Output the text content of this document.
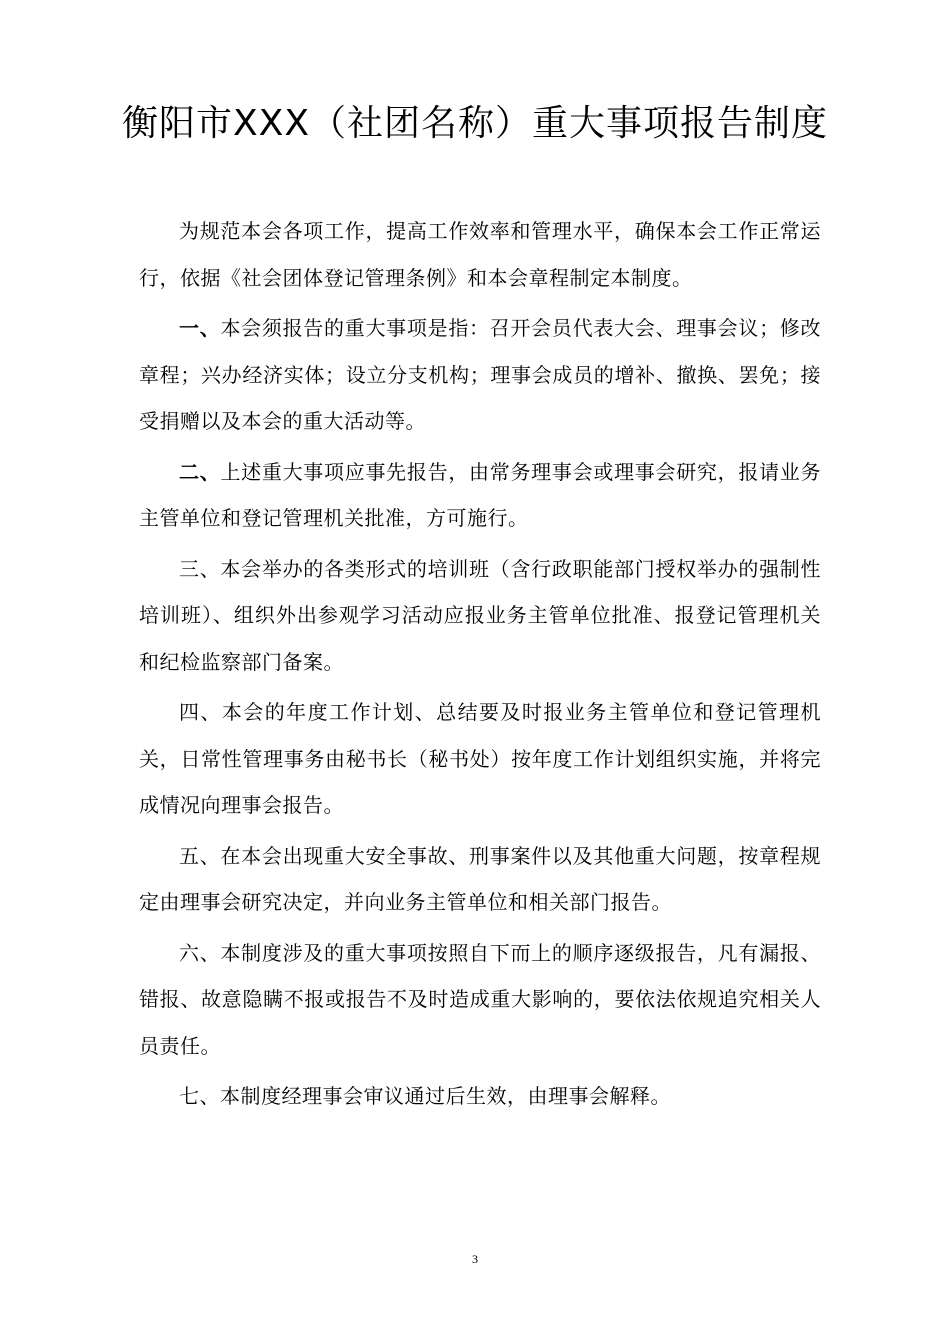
衡阳市XXX（社团名称）重大事项报告制度

为规范本会各项工作，提高工作效率和管理水平，确保本会工作正常运行，依据《社会团体登记管理条例》和本会章程制定本制度。

一、本会须报告的重大事项是指：召开会员代表大会、理事会议；修改章程；兴办经济实体；设立分支机构；理事会成员的增补、撤换、罢免；接受捐赠以及本会的重大活动等。

二、上述重大事项应事先报告，由常务理事会或理事会研究，报请业务主管单位和登记管理机关批准，方可施行。

三、本会举办的各类形式的培训班（含行政职能部门授权举办的强制性培训班）、组织外出参观学习活动应报业务主管单位批准、报登记管理机关和纪检监察部门备案。

四、本会的年度工作计划、总结要及时报业务主管单位和登记管理机关，日常性管理事务由秘书长（秘书处）按年度工作计划组织实施，并将完成情况向理事会报告。

五、在本会出现重大安全事故、刑事案件以及其他重大问题，按章程规定由理事会研究决定，并向业务主管单位和相关部门报告。

六、本制度涉及的重大事项按照自下而上的顺序逐级报告，凡有漏报、错报、故意隐瞒不报或报告不及时造成重大影响的，要依法依规追究相关人员责任。

七、本制度经理事会审议通过后生效，由理事会解释。

3
